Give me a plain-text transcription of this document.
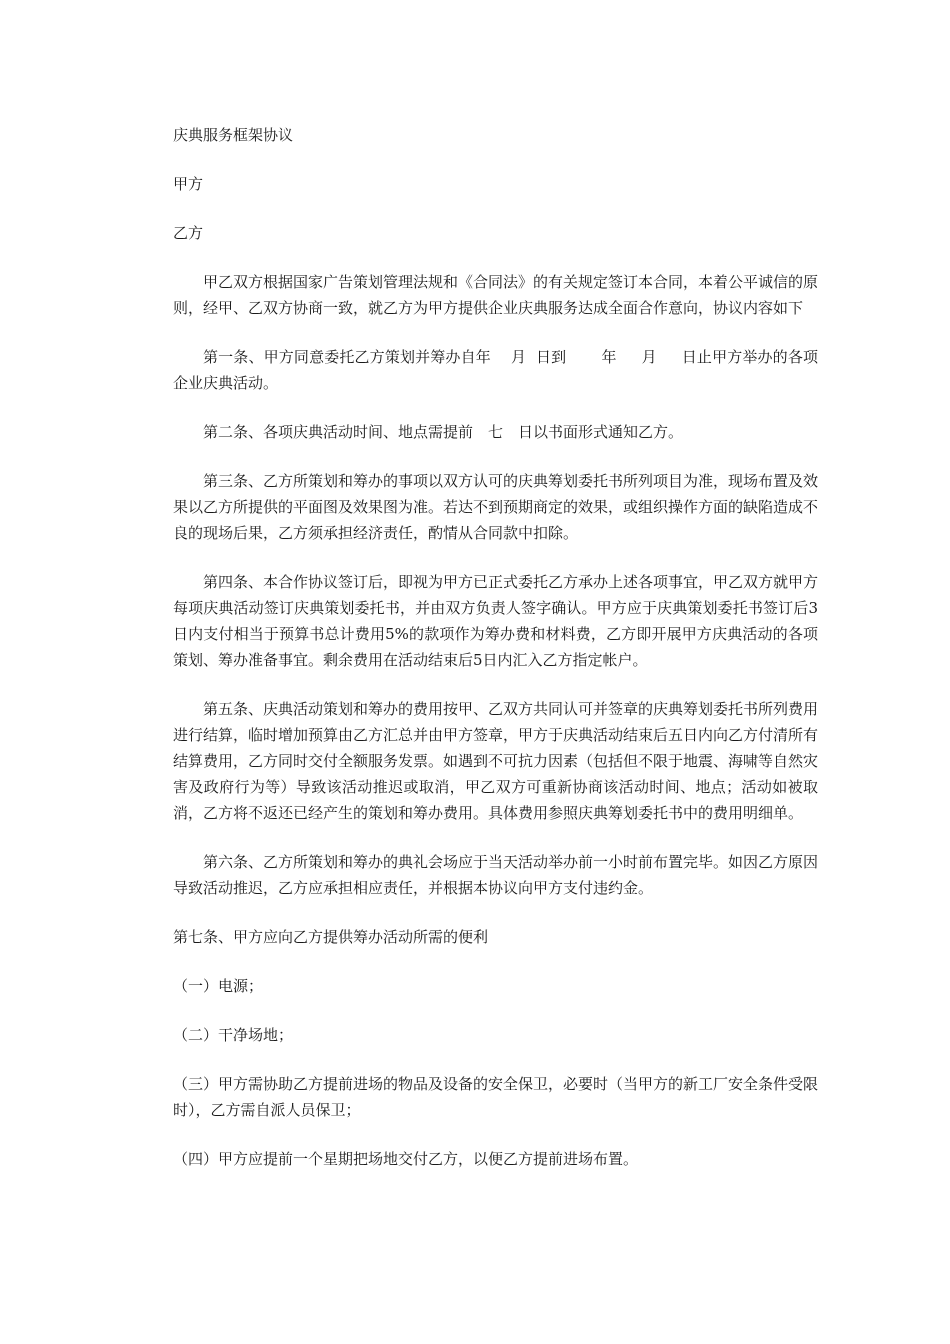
庆典服务框架协议

甲方

乙方

甲乙双方根据国家广告策划管理法规和《合同法》的有关规定签订本合同，本着公平诚信的原则，经甲、乙双方协商一致，就乙方为甲方提供企业庆典服务达成全面合作意向，协议内容如下

第一条、甲方同意委托乙方策划并筹办自年　 月  日到　　 年　  月　  日止甲方举办的各项企业庆典活动。

第二条、各项庆典活动时间、地点需提前　七　日以书面形式通知乙方。

第三条、乙方所策划和筹办的事项以双方认可的庆典筹划委托书所列项目为准，现场布置及效果以乙方所提供的平面图及效果图为准。若达不到预期商定的效果，或组织操作方面的缺陷造成不良的现场后果，乙方须承担经济责任，酌情从合同款中扣除。

第四条、本合作协议签订后，即视为甲方已正式委托乙方承办上述各项事宜，甲乙双方就甲方每项庆典活动签订庆典策划委托书，并由双方负责人签字确认。甲方应于庆典策划委托书签订后3日内支付相当于预算书总计费用5%的款项作为筹办费和材料费，乙方即开展甲方庆典活动的各项策划、筹办准备事宜。剩余费用在活动结束后5日内汇入乙方指定帐户。

第五条、庆典活动策划和筹办的费用按甲、乙双方共同认可并签章的庆典筹划委托书所列费用进行结算，临时增加预算由乙方汇总并由甲方签章，甲方于庆典活动结束后五日内向乙方付清所有结算费用，乙方同时交付全额服务发票。如遇到不可抗力因素（包括但不限于地震、海啸等自然灾害及政府行为等）导致该活动推迟或取消，甲乙双方可重新协商该活动时间、地点；活动如被取消，乙方将不返还已经产生的策划和筹办费用。具体费用参照庆典筹划委托书中的费用明细单。

第六条、乙方所策划和筹办的典礼会场应于当天活动举办前一小时前布置完毕。如因乙方原因导致活动推迟，乙方应承担相应责任，并根据本协议向甲方支付违约金。

第七条、甲方应向乙方提供筹办活动所需的便利

（一）电源；

（二）干净场地；

（三）甲方需协助乙方提前进场的物品及设备的安全保卫，必要时（当甲方的新工厂安全条件受限时），乙方需自派人员保卫；

（四）甲方应提前一个星期把场地交付乙方，以便乙方提前进场布置。
